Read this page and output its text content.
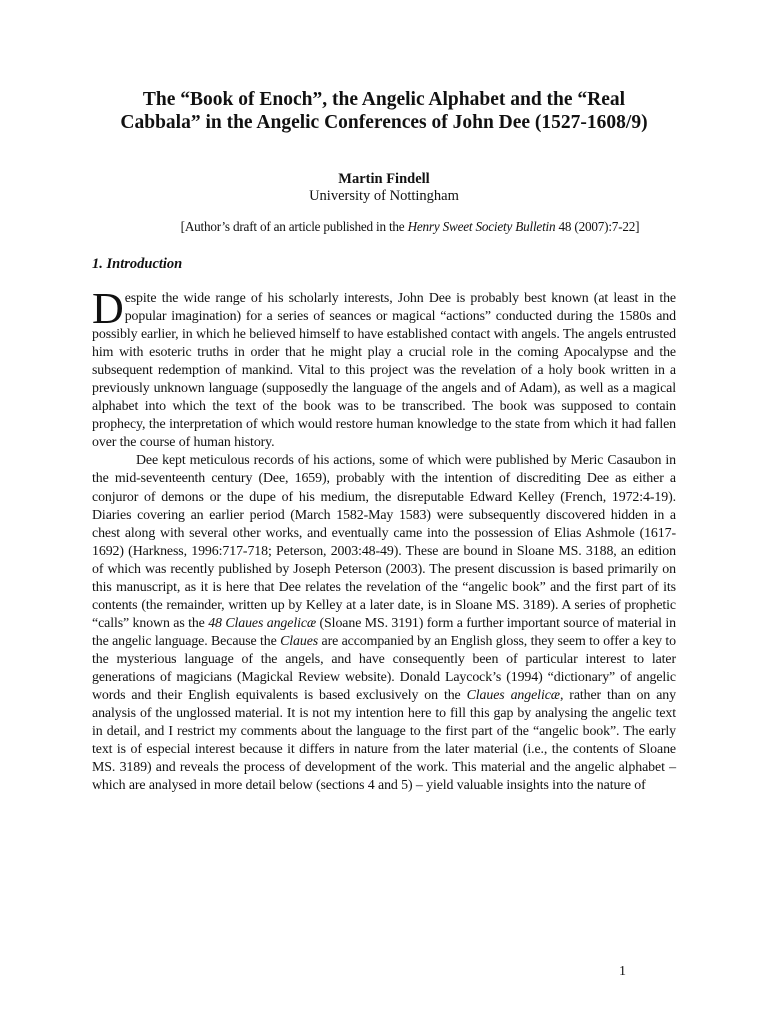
The “Book of Enoch”, the Angelic Alphabet and the “Real
Cabbala” in the Angelic Conferences of John Dee (1527-1608/9)
Martin Findell
University of Nottingham
[Author’s draft of an article published in the Henry Sweet Society Bulletin 48 (2007):7-22]
1. Introduction

Despite the wide range of his scholarly interests, John Dee is probably best known (at least in the popular imagination) for a series of seances or magical “actions” conducted during the 1580s and possibly earlier, in which he believed himself to have established contact with angels. The angels entrusted him with esoteric truths in order that he might play a crucial role in the coming Apocalypse and the subsequent redemption of mankind. Vital to this project was the revelation of a holy book written in a previously unknown language (supposedly the language of the angels and of Adam), as well as a magical alphabet into which the text of the book was to be transcribed. The book was supposed to contain prophecy, the interpretation of which would restore human knowledge to the state from which it had fallen over the course of human history.

Dee kept meticulous records of his actions, some of which were published by Meric Casaubon in the mid-seventeenth century (Dee, 1659), probably with the intention of discrediting Dee as either a conjuror of demons or the dupe of his medium, the disreputable Edward Kelley (French, 1972:4-19). Diaries covering an earlier period (March 1582-May 1583) were subsequently discovered hidden in a chest along with several other works, and eventually came into the possession of Elias Ashmole (1617-1692) (Harkness, 1996:717-718; Peterson, 2003:48-49). These are bound in Sloane MS. 3188, an edition of which was recently published by Joseph Peterson (2003). The present discussion is based primarily on this manuscript, as it is here that Dee relates the revelation of the “angelic book” and the first part of its contents (the remainder, written up by Kelley at a later date, is in Sloane MS. 3189). A series of prophetic “calls” known as the 48 Claues angelicæ (Sloane MS. 3191) form a further important source of material in the angelic language. Because the Claues are accompanied by an English gloss, they seem to offer a key to the mysterious language of the angels, and have consequently been of particular interest to later generations of magicians (Magickal Review website). Donald Laycock’s (1994) “dictionary” of angelic words and their English equivalents is based exclusively on the Claues angelicæ, rather than on any analysis of the unglossed material. It is not my intention here to fill this gap by analysing the angelic text in detail, and I restrict my comments about the language to the first part of the “angelic book”. The early text is of especial interest because it differs in nature from the later material (i.e., the contents of Sloane MS. 3189) and reveals the process of development of the work. This material and the angelic alphabet – which are analysed in more detail below (sections 4 and 5) – yield valuable insights into the nature of

1
